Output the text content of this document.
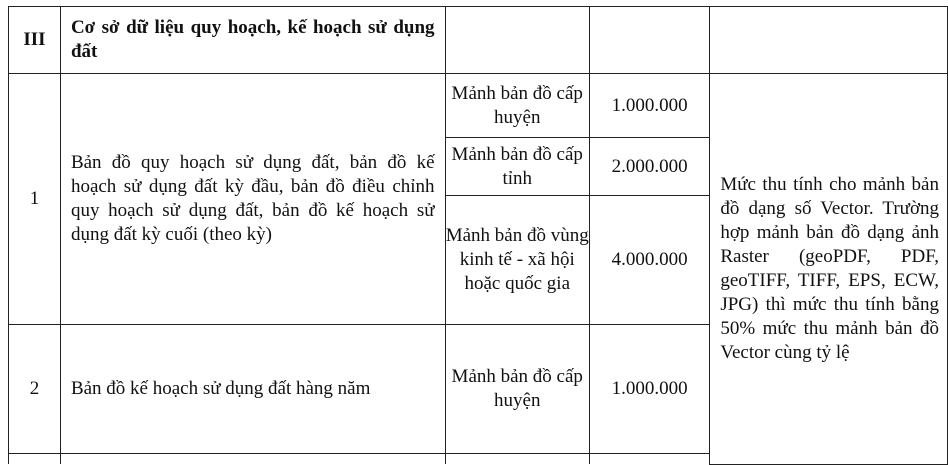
III	Cơ sở dữ liệu quy hoạch, kế hoạch sử dụng đất			

1	Bản đồ quy hoạch sử dụng đất, bản đồ kế hoạch sử dụng đất kỳ đầu, bản đồ điều chỉnh quy hoạch sử dụng đất, bản đồ kế hoạch sử dụng đất kỳ cuối (theo kỳ)	Mảnh bản đồ cấp huyện	1.000.000	Mức thu tính cho mảnh bản đồ dạng số Vector. Trường hợp mảnh bản đồ dạng ảnh Raster (geoPDF, PDF, geoTIFF, TIFF, EPS, ECW, JPG) thì mức thu tính bằng 50% mức thu mảnh bản đồ Vector cùng tỷ lệ

		Mảnh bản đồ cấp tỉnh	2.000.000	

		Mảnh bản đồ vùng kinh tế - xã hội hoặc quốc gia	4.000.000	
2	Bản đồ kế hoạch sử dụng đất hàng năm	Mảnh bản đồ cấp huyện	1.000.000	
